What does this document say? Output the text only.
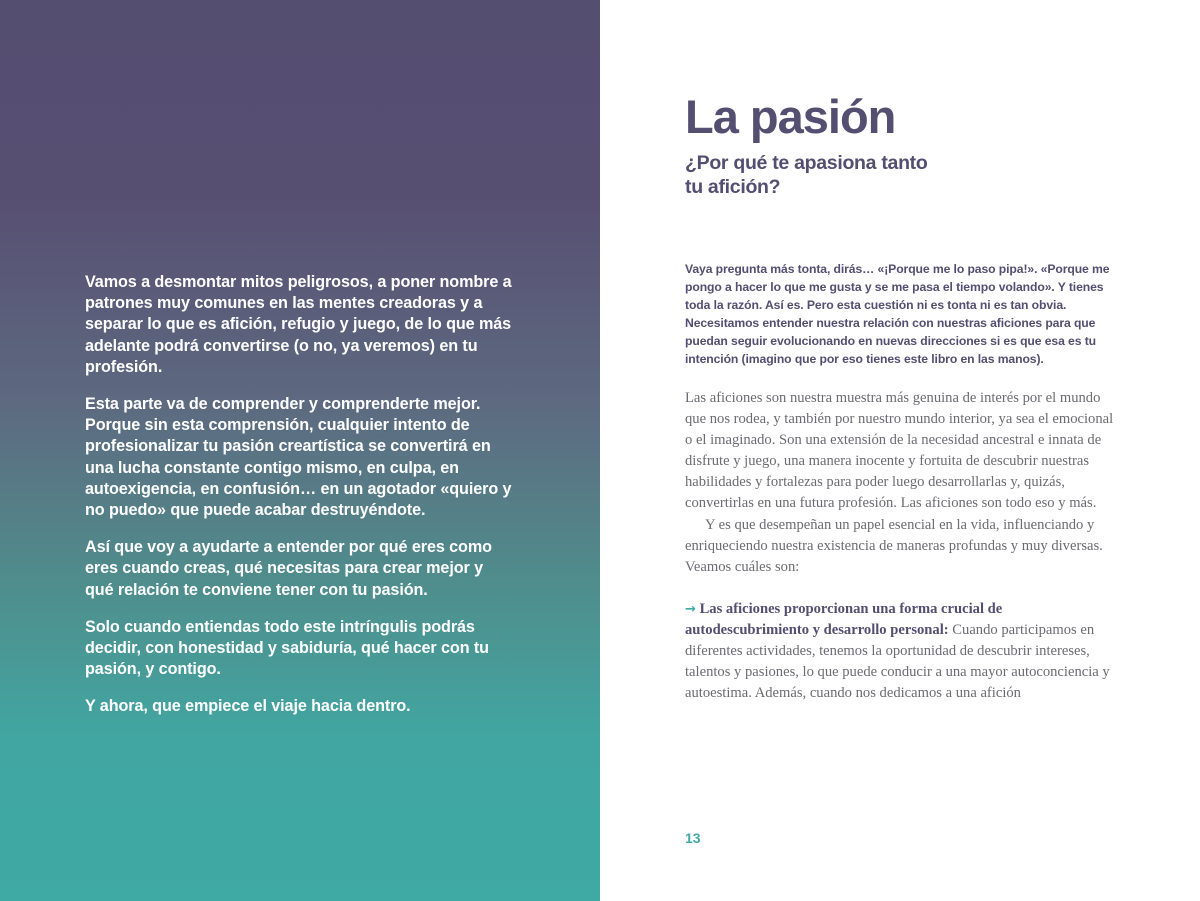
Vamos a desmontar mitos peligrosos, a poner nombre a patrones muy comunes en las mentes creadoras y a separar lo que es afición, refugio y juego, de lo que más adelante podrá convertirse (o no, ya veremos) en tu profesión.

Esta parte va de comprender y comprenderte mejor. Porque sin esta comprensión, cualquier intento de profesionalizar tu pasión creartística se convertirá en una lucha constante contigo mismo, en culpa, en autoexigencia, en confusión… en un agotador «quiero y no puedo» que puede acabar destruyéndote.

Así que voy a ayudarte a entender por qué eres como eres cuando creas, qué necesitas para crear mejor y qué relación te conviene tener con tu pasión.

Solo cuando entiendas todo este intríngulis podrás decidir, con honestidad y sabiduría, qué hacer con tu pasión, y contigo.

Y ahora, que empiece el viaje hacia dentro.

La pasión
¿Por qué te apasiona tanto tu afición?

Vaya pregunta más tonta, dirás… «¡Porque me lo paso pipa!». «Porque me pongo a hacer lo que me gusta y se me pasa el tiempo volando». Y tienes toda la razón. Así es. Pero esta cuestión ni es tonta ni es tan obvia. Necesitamos entender nuestra relación con nuestras aficiones para que puedan seguir evolucionando en nuevas direcciones si es que esa es tu intención (imagino que por eso tienes este libro en las manos).

Las aficiones son nuestra muestra más genuina de interés por el mundo que nos rodea, y también por nuestro mundo interior, ya sea el emocional o el imaginado. Son una extensión de la necesidad ancestral e innata de disfrute y juego, una manera inocente y fortuita de descubrir nuestras habilidades y fortalezas para poder luego desarrollarlas y, quizás, convertirlas en una futura profesión. Las aficiones son todo eso y más.

Y es que desempeñan un papel esencial en la vida, influenciando y enriqueciendo nuestra existencia de maneras profundas y muy diversas. Veamos cuáles son:

→ Las aficiones proporcionan una forma crucial de autodescubrimiento y desarrollo personal: Cuando participamos en diferentes actividades, tenemos la oportunidad de descubrir intereses, talentos y pasiones, lo que puede conducir a una mayor autoconciencia y autoestima. Además, cuando nos dedicamos a una afición

13
